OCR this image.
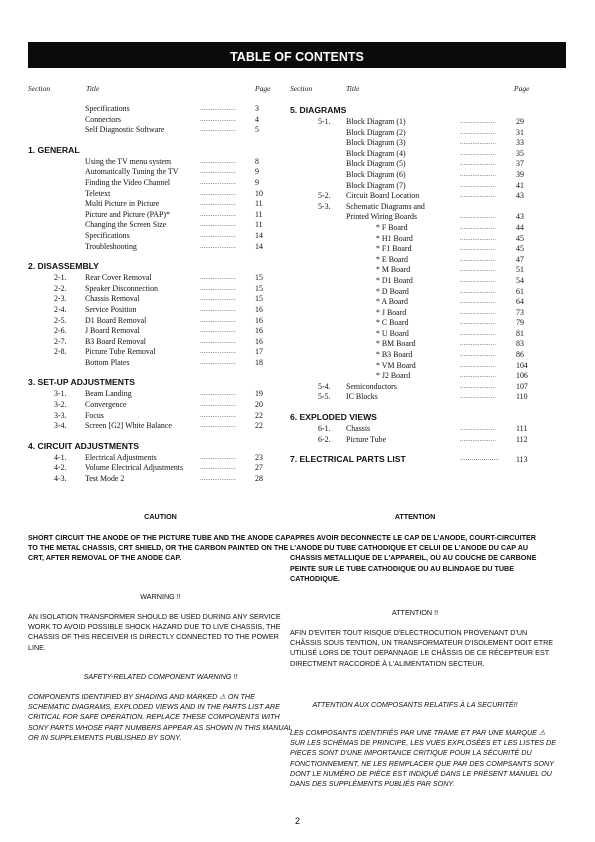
TABLE OF CONTENTS
Section	Title	Page	Section	Title	Page
Specifications	.................... 3
Connectors	.................... 4
Self Diagnostic Software	.................... 5
1. GENERAL
Using the TV menu system	.................... 8
Automatically Tuning the TV	.................... 9
Finding the Video Channel	.................... 9
Teletext	.................... 10
Multi Picture in Picture	.................... 11
Picture and Picture (PAP)*	.................... 11
Changing the Screen Size	.................... 11
Specifications	.................... 14
Troubleshooting	.................... 14
2. DISASSEMBLY
2-1. Rear Cover Removal	.................... 15
2-2. Speaker Disconnection	.................... 15
2-3. Chassis Removal	.................... 15
2-4. Service Position	.................... 16
2-5. D1 Board Removal	.................... 16
2-6. J Board Removal	.................... 16
2-7. B3 Board Removal	.................... 16
2-8. Picture Tube Removal	.................... 17
Bottom Plates	.................... 18
3. SET-UP ADJUSTMENTS
3-1. Beam Landing	.................... 19
3-2. Convergence	.................... 20
3-3. Focus	.................... 22
3-4. Screen [G2] White Balance	.................... 22
4. CIRCUIT ADJUSTMENTS
4-1. Electrical Adjustments	.................... 23
4-2. Volume Electrical Adjustments	.................... 27
4-3. Test Mode 2	.................... 28
5. DIAGRAMS
5-1. Block Diagram (1)	....................	29
Block Diagram (2)	....................	31
Block Diagram (3)	....................	33
Block Diagram (4)	....................	35
Block Diagram (5)	....................	37
Block Diagram (6)	....................	39
Block Diagram (7)	....................	41
5-2. Circuit Board Location	....................	43
5-3. Schematic Diagrams and
Printed Wiring Boards	....................	43
* F Board	....................	44
* H1 Board	....................	45
* F1 Board	....................	45
* E Board	....................	47
* M Board	....................	51
* D1 Board	....................	54
* D Board	....................	61
* A Board	....................	64
* J Board	....................	73
* C Board	....................	79
* U Board	....................	81
* BM Board	....................	83
* B3 Board	....................	86
* VM Board	....................	104
* J2 Board	....................	106
5-4. Semiconductors	....................	107
5-5. IC Blocks	....................	110
6. EXPLODED VIEWS
6-1. Chassis	....................	111
6-2. Picture Tube	....................	112
7. ELECTRICAL PARTS LIST	.................... 113
CAUTION
SHORT CIRCUIT THE ANODE OF THE PICTURE TUBE AND THE ANODE CAP TO THE METAL CHASSIS, CRT SHIELD, OR THE CARBON PAINTED ON THE CRT, AFTER REMOVAL OF THE ANODE CAP.
WARNING !!
AN ISOLATION TRANSFORMER SHOULD BE USED DURING ANY SERVICE WORK TO AVOID POSSIBLE SHOCK HAZARD DUE TO LIVE CHASSIS, THE CHASSIS OF THIS RECEIVER IS DIRECTLY CONNECTED TO THE POWER LINE.
SAFETY-RELATED COMPONENT WARNING !!
COMPONENTS IDENTIFIED BY SHADING AND MARKED ⚠ ON THE SCHEMATIC DIAGRAMS, EXPLODED VIEWS AND IN THE PARTS LIST ARE CRITICAL FOR SAFE OPERATION. REPLACE THESE COMPONENTS WITH SONY PARTS WHOSE PART NUMBERS APPEAR AS SHOWN IN THIS MANUAL OR IN SUPPLEMENTS PUBLISHED BY SONY.
ATTENTION
APRES AVOIR DECONNECTE LE CAP DE L'ANODE, COURT-CIRCUITER L'ANODE DU TUBE CATHODIQUE ET CELUI DE L'ANODE DU CAP AU CHASSIS METALLIQUE DE L'APPAREIL, OU AU COUCHE DE CARBONE PEINTE SUR LE TUBE CATHODIQUE OU AU BLINDAGE DU TUBE CATHODIQUE.
ATTENTION !!
AFIN D'EVITER TOUT RISQUE D'ELECTROCUTION PROVENANT D'UN CHÂSSIS SOUS TENTION, UN TRANSFORMATEUR D'ISOLEMENT DOIT ETRE UTILISÉ LORS DE TOUT DEPANNAGE LE CHÂSSIS DE CE RÉCEPTEUR EST DIRECTMENT RACCORDÉ À L'ALIMENTATION SECTEUR.
ATTENTION AUX COMPOSANTS RELATIFS À LA SECURITÉ!!
LES COMPOSANTS IDENTIFIÉS PAR UNE TRAME ET PAR UNE MARQUE ⚠ SUR LES SCHÉMAS DE PRINCIPE, LES VUES EXPLOSÉES ET LES LISTES DE PIECES SONT D'UNE IMPORTANCE CRITIQUE POUR LA SÉCURITÉ DU FONCTIONNEMENT, NE LES REMPLACER QUE PAR DES COMPSANTS SONY DONT LE NUMÉRO DE PIÈCE EST INDIQUÉ DANS LE PRÉSENT MANUEL OU DANS DES SUPPLÉMENTS PUBLIÉS PAR SONY.
2
